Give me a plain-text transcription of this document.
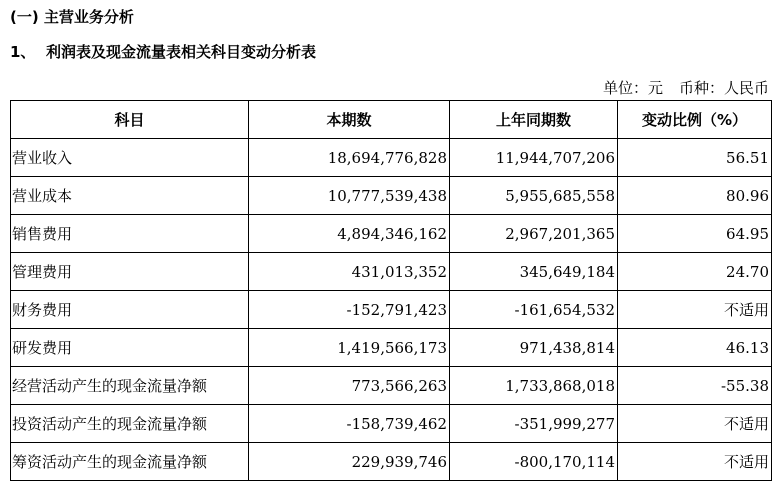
(一) 主营业务分析
1、 利润表及现金流量表相关科目变动分析表
单位：元 币种：人民币
科目	本期数	上年同期数	变动比例（%）
营业收入	18,694,776,828	11,944,707,206	56.51
营业成本	10,777,539,438	5,955,685,558	80.96
销售费用	4,894,346,162	2,967,201,365	64.95
管理费用	431,013,352	345,649,184	24.70
财务费用	-152,791,423	-161,654,532	不适用
研发费用	1,419,566,173	971,438,814	46.13
经营活动产生的现金流量净额	773,566,263	1,733,868,018	-55.38
投资活动产生的现金流量净额	-158,739,462	-351,999,277	不适用
筹资活动产生的现金流量净额	229,939,746	-800,170,114	不适用
